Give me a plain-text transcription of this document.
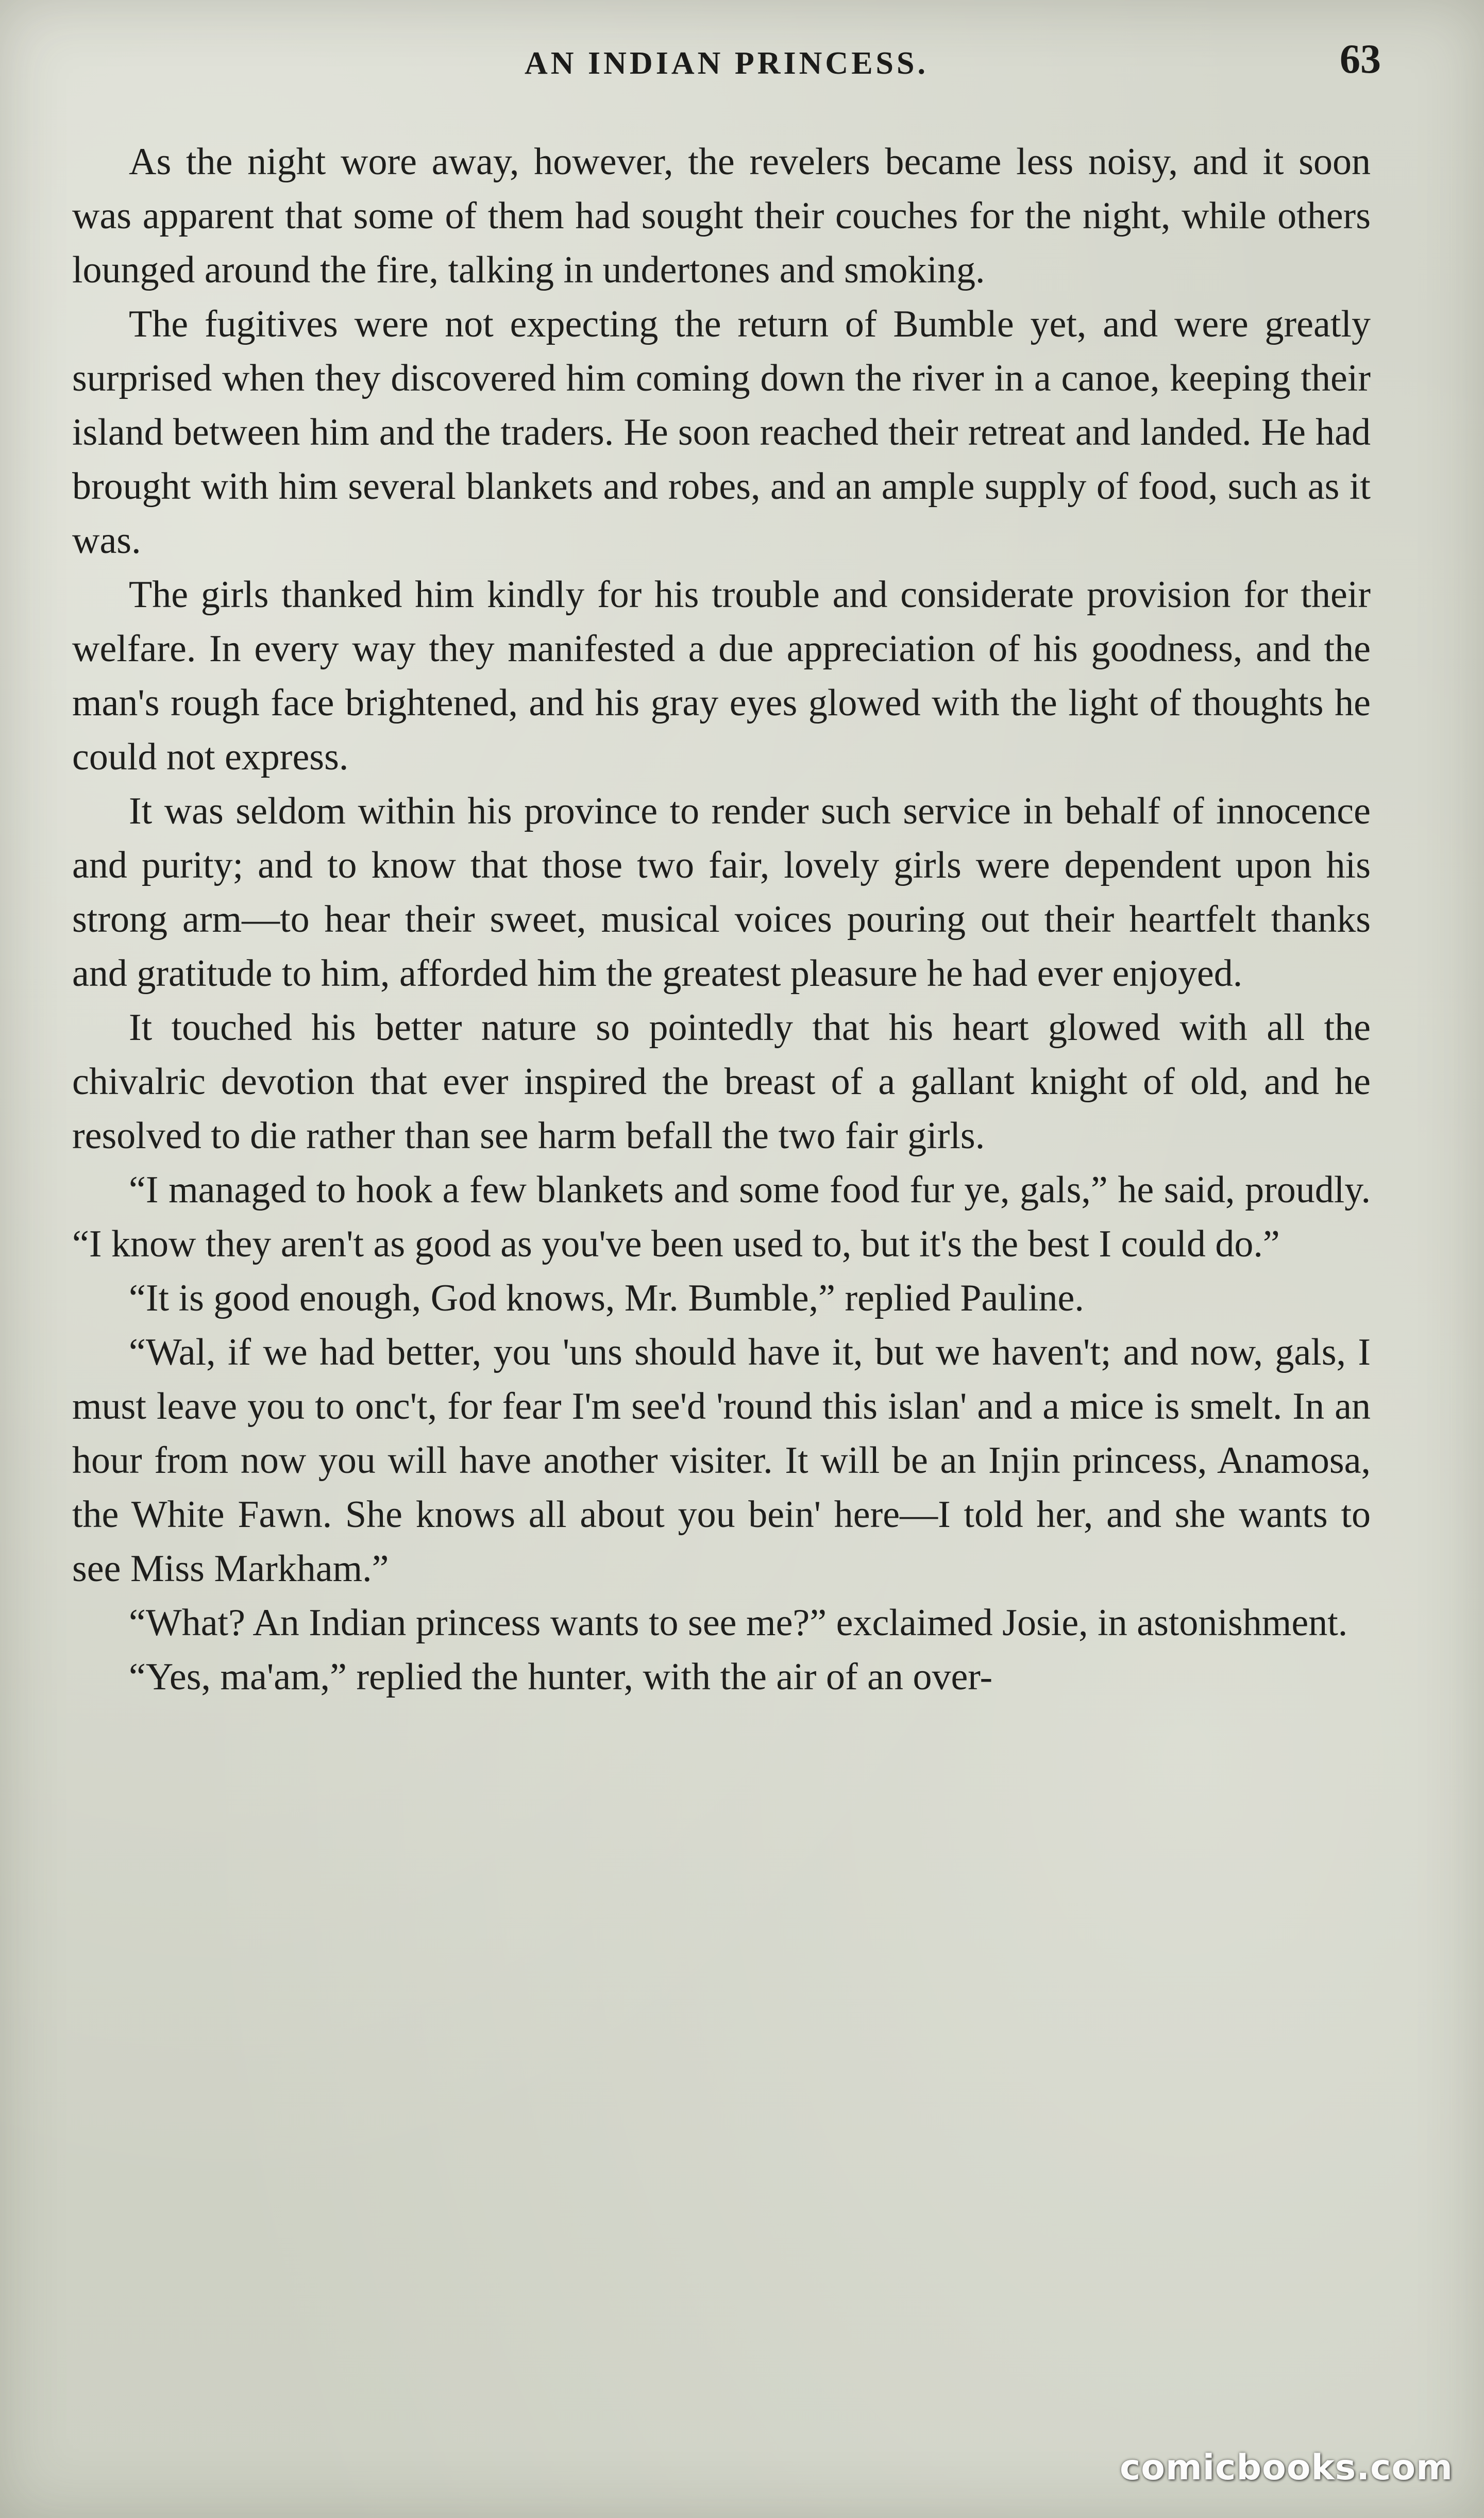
AN INDIAN PRINCESS.	63

As the night wore away, however, the revelers became less noisy, and it soon was apparent that some of them had sought their couches for the night, while others lounged around the fire, talking in undertones and smoking.

The fugitives were not expecting the return of Bumble yet, and were greatly surprised when they discovered him coming down the river in a canoe, keeping their island between him and the traders. He soon reached their retreat and landed. He had brought with him several blankets and robes, and an ample supply of food, such as it was.

The girls thanked him kindly for his trouble and considerate provision for their welfare. In every way they manifested a due appreciation of his goodness, and the man's rough face brightened, and his gray eyes glowed with the light of thoughts he could not express.

It was seldom within his province to render such service in behalf of innocence and purity; and to know that those two fair, lovely girls were dependent upon his strong arm—to hear their sweet, musical voices pouring out their heartfelt thanks and gratitude to him, afforded him the greatest pleasure he had ever enjoyed.

It touched his better nature so pointedly that his heart glowed with all the chivalric devotion that ever inspired the breast of a gallant knight of old, and he resolved to die rather than see harm befall the two fair girls.

“I managed to hook a few blankets and some food fur ye, gals,” he said, proudly. “I know they aren't as good as you've been used to, but it's the best I could do.”

“It is good enough, God knows, Mr. Bumble,” replied Pauline.

“Wal, if we had better, you 'uns should have it, but we haven't; and now, gals, I must leave you to onc't, for fear I'm see'd 'round this islan' and a mice is smelt. In an hour from now you will have another visiter. It will be an Injin princess, Anamosa, the White Fawn. She knows all about you bein' here—I told her, and she wants to see Miss Markham.”

“What? An Indian princess wants to see me?” exclaimed Josie, in astonishment.

“Yes, ma'am,” replied the hunter, with the air of an over-

comicbooks.com
